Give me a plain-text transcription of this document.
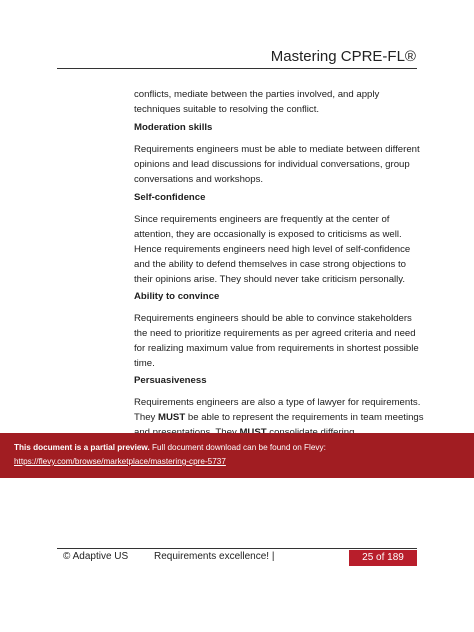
Mastering CPRE-FL®

conflicts, mediate between the parties involved, and apply techniques suitable to resolving the conflict.

Moderation skills

Requirements engineers must be able to mediate between different opinions and lead discussions for individual conversations, group conversations and workshops.

Self-confidence

Since requirements engineers are frequently at the center of attention, they are occasionally is exposed to criticisms as well. Hence requirements engineers need high level of self-confidence and the ability to defend themselves in case strong objections to their opinions arise. They should never take criticism personally.

Ability to convince

Requirements engineers should be able to convince stakeholders the need to prioritize requirements as per agreed criteria and need for realizing maximum value from requirements in shortest possible time.

Persuasiveness

Requirements engineers are also a type of lawyer for requirements. They MUST be able to represent the requirements in team meetings

This document is a partial preview. Full document download can be found on Flevy:
https://flevy.com/browse/marketplace/mastering-cpre-5737
© Adaptive US	Requirements excellence! |	25 of 189
